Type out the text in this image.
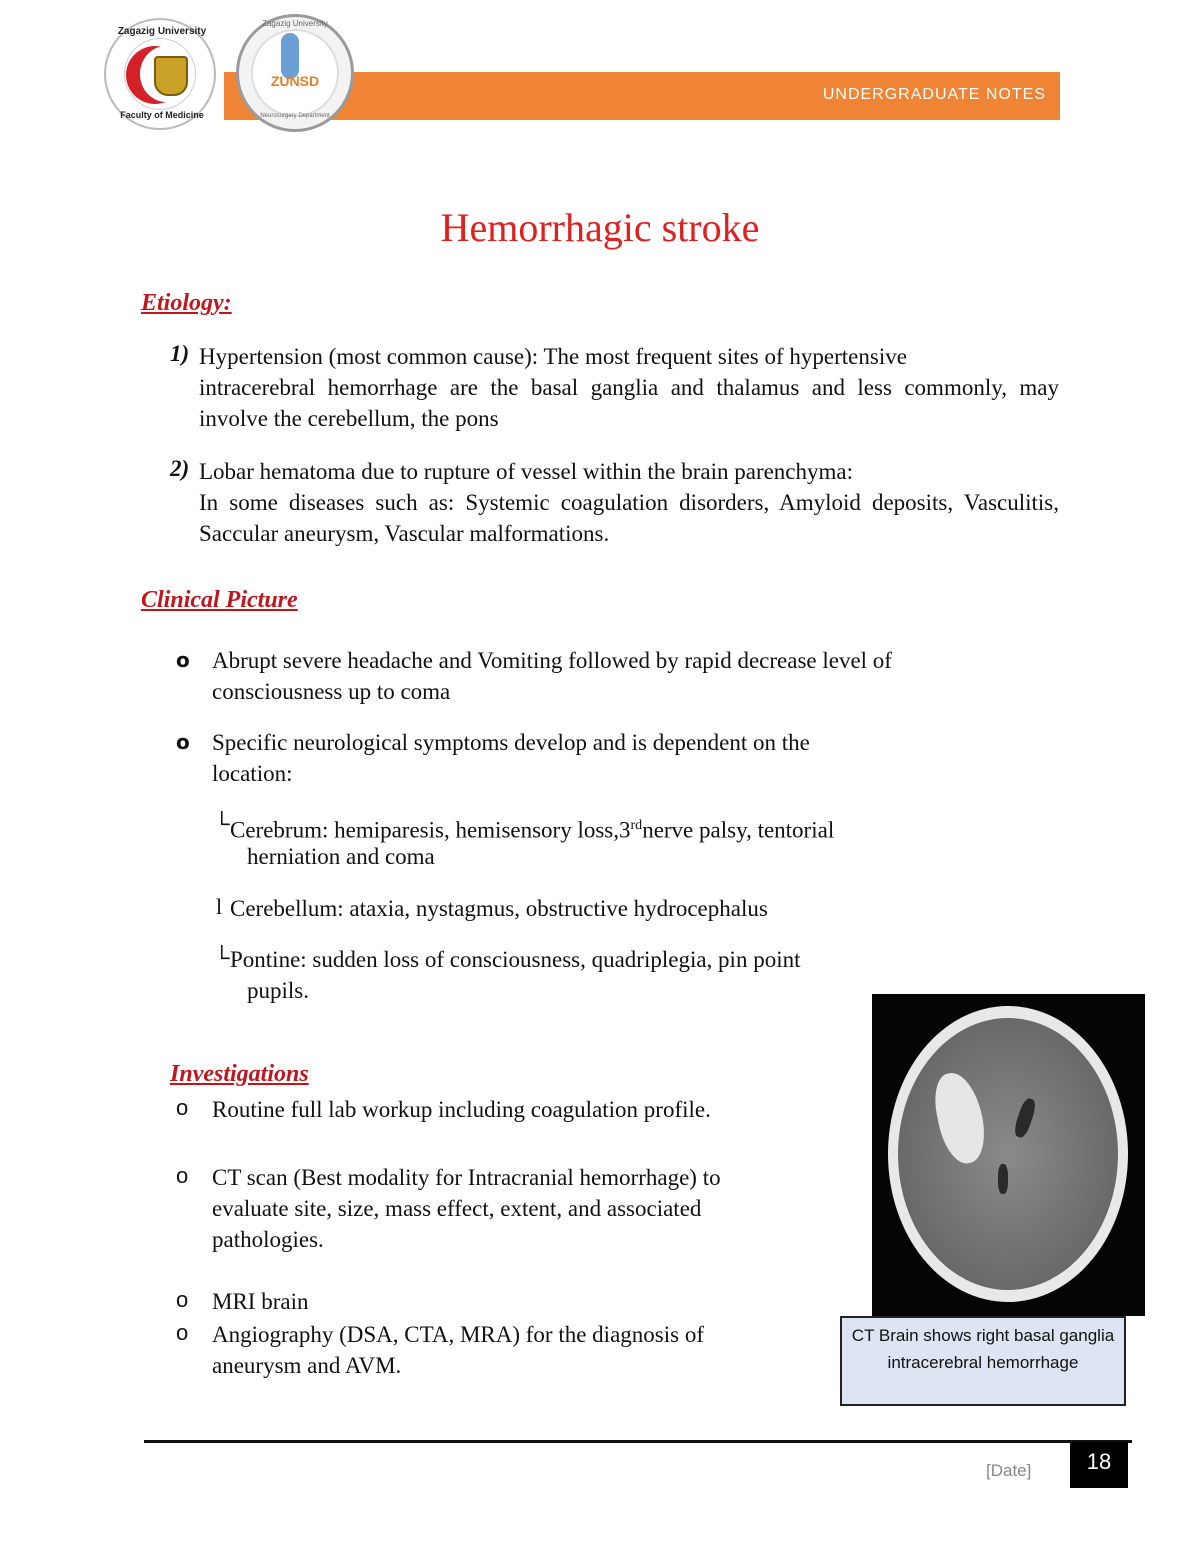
Zagazig University
Faculty of Medicine
UNDERGRADUATE NOTES
Zagazig University
ZUNSD
Neurosurgery Department
Hemorrhagic stroke
Etiology:
1) Hypertension (most common cause): The most frequent sites of hypertensive
intracerebral hemorrhage are the basal ganglia and thalamus and less commonly, may involve the cerebellum, the pons
2) Lobar hematoma due to rupture of vessel within the brain parenchyma:
In some diseases such as: Systemic coagulation disorders, Amyloid deposits, Vasculitis, Saccular aneurysm, Vascular malformations.
Clinical Picture
o Abrupt severe headache and Vomiting followed by rapid decrease level of
consciousness up to coma
o Specific neurological symptoms develop and is dependent on the
location:
└ Cerebrum: hemiparesis, hemisensory loss,3rdnerve palsy, tentorial
herniation and coma
l Cerebellum: ataxia, nystagmus, obstructive hydrocephalus
└ Pontine: sudden loss of consciousness, quadriplegia, pin point
pupils.
Investigations
o Routine full lab workup including coagulation profile.
o CT scan (Best modality for Intracranial hemorrhage) to
evaluate site, size, mass effect, extent, and associated
pathologies.
o MRI brain
o Angiography (DSA, CTA, MRA) for the diagnosis of
aneurysm and AVM.
CT Brain shows right basal ganglia intracerebral hemorrhage
[Date]	18
